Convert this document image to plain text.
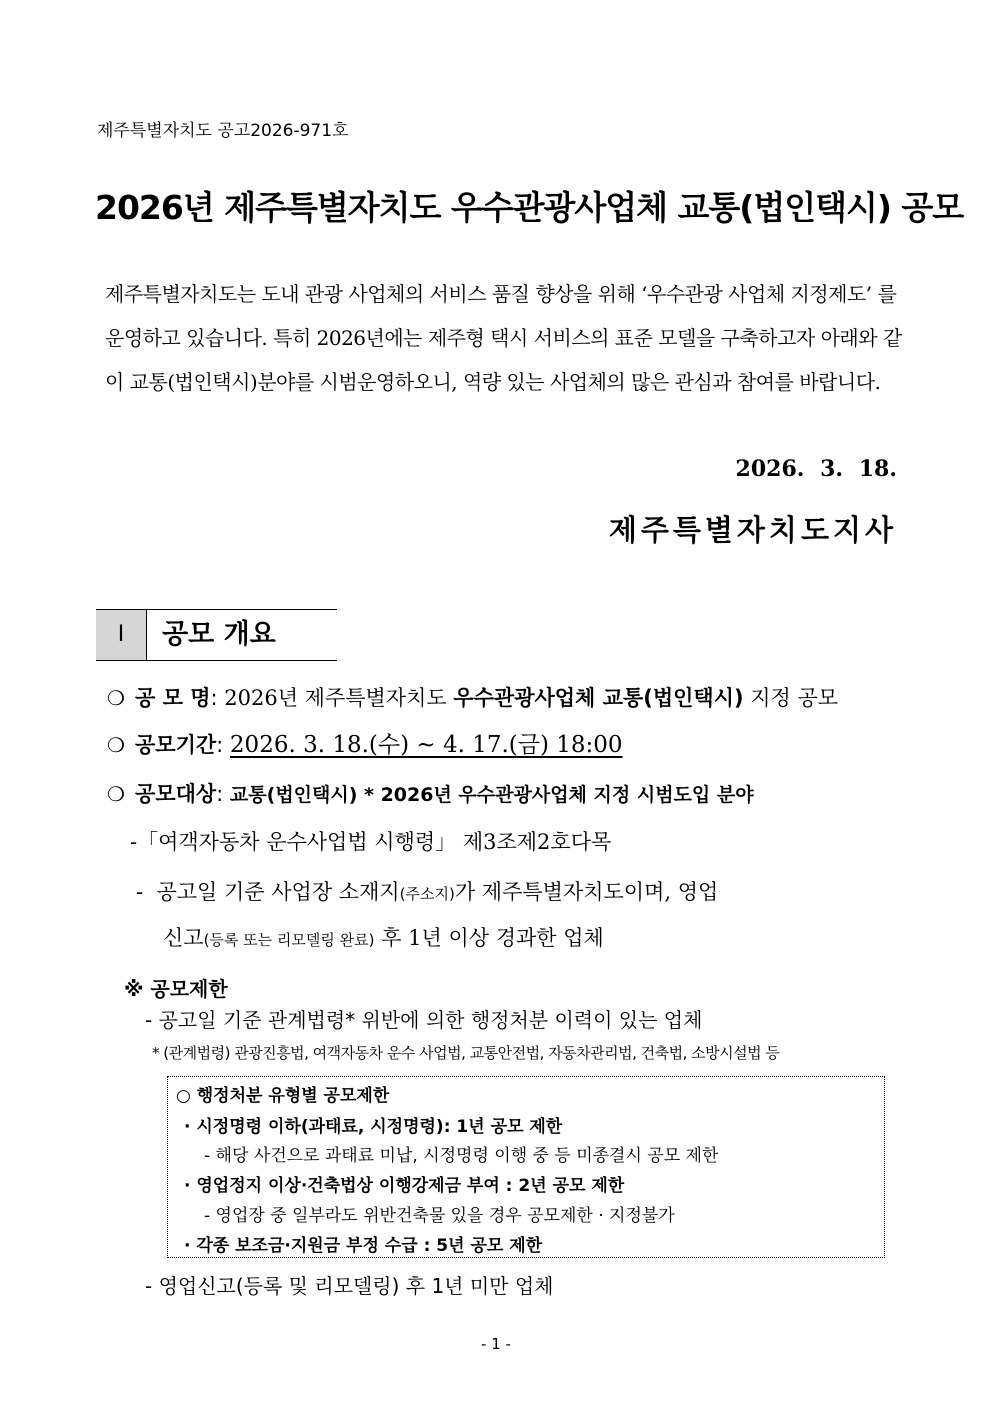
제주특별자치도 공고2026-971호
2026년 제주특별자치도 우수관광사업체 교통(법인택시) 공모
제주특별자치도는 도내 관광 사업체의 서비스 품질 향상을 위해 ‘우수관광 사업체 지정제도’ 를 운영하고 있습니다. 특히 2026년에는 제주형 택시 서비스의 표준 모델을 구축하고자 아래와 같이 교통(법인택시)분야를 시범운영하오니, 역량 있는 사업체의 많은 관심과 참여를 바랍니다.
2026. 3. 18.
제주특별자치도지사
Ⅰ	공모 개요
❍ 공 모 명: 2026년 제주특별자치도 우수관광사업체 교통(법인택시) 지정 공모
❍ 공모기간: 2026. 3. 18.(수) ~ 4. 17.(금) 18:00
❍ 공모대상: 교통(법인택시) * 2026년 우수관광사업체 지정 시범도입 분야
-「여객자동차 운수사업법 시행령」 제3조제2호다목
- 공고일 기준 사업장 소재지(주소지)가 제주특별자치도이며, 영업
신고(등록 또는 리모델링 완료) 후 1년 이상 경과한 업체
※ 공모제한
- 공고일 기준 관계법령* 위반에 의한 행정처분 이력이 있는 업체
* (관계법령) 관광진흥법, 여객자동차 운수 사업법, 교통안전법, 자동차관리법, 건축법, 소방시설법 등
○ 행정처분 유형별 공모제한
· 시정명령 이하(과태료, 시정명령): 1년 공모 제한
- 해당 사건으로 과태료 미납, 시정명령 이행 중 등 미종결시 공모 제한
· 영업정지 이상·건축법상 이행강제금 부여 : 2년 공모 제한
- 영업장 중 일부라도 위반건축물 있을 경우 공모제한 · 지정불가
· 각종 보조금·지원금 부정 수급 : 5년 공모 제한
- 영업신고(등록 및 리모델링) 후 1년 미만 업체
- 1 -
